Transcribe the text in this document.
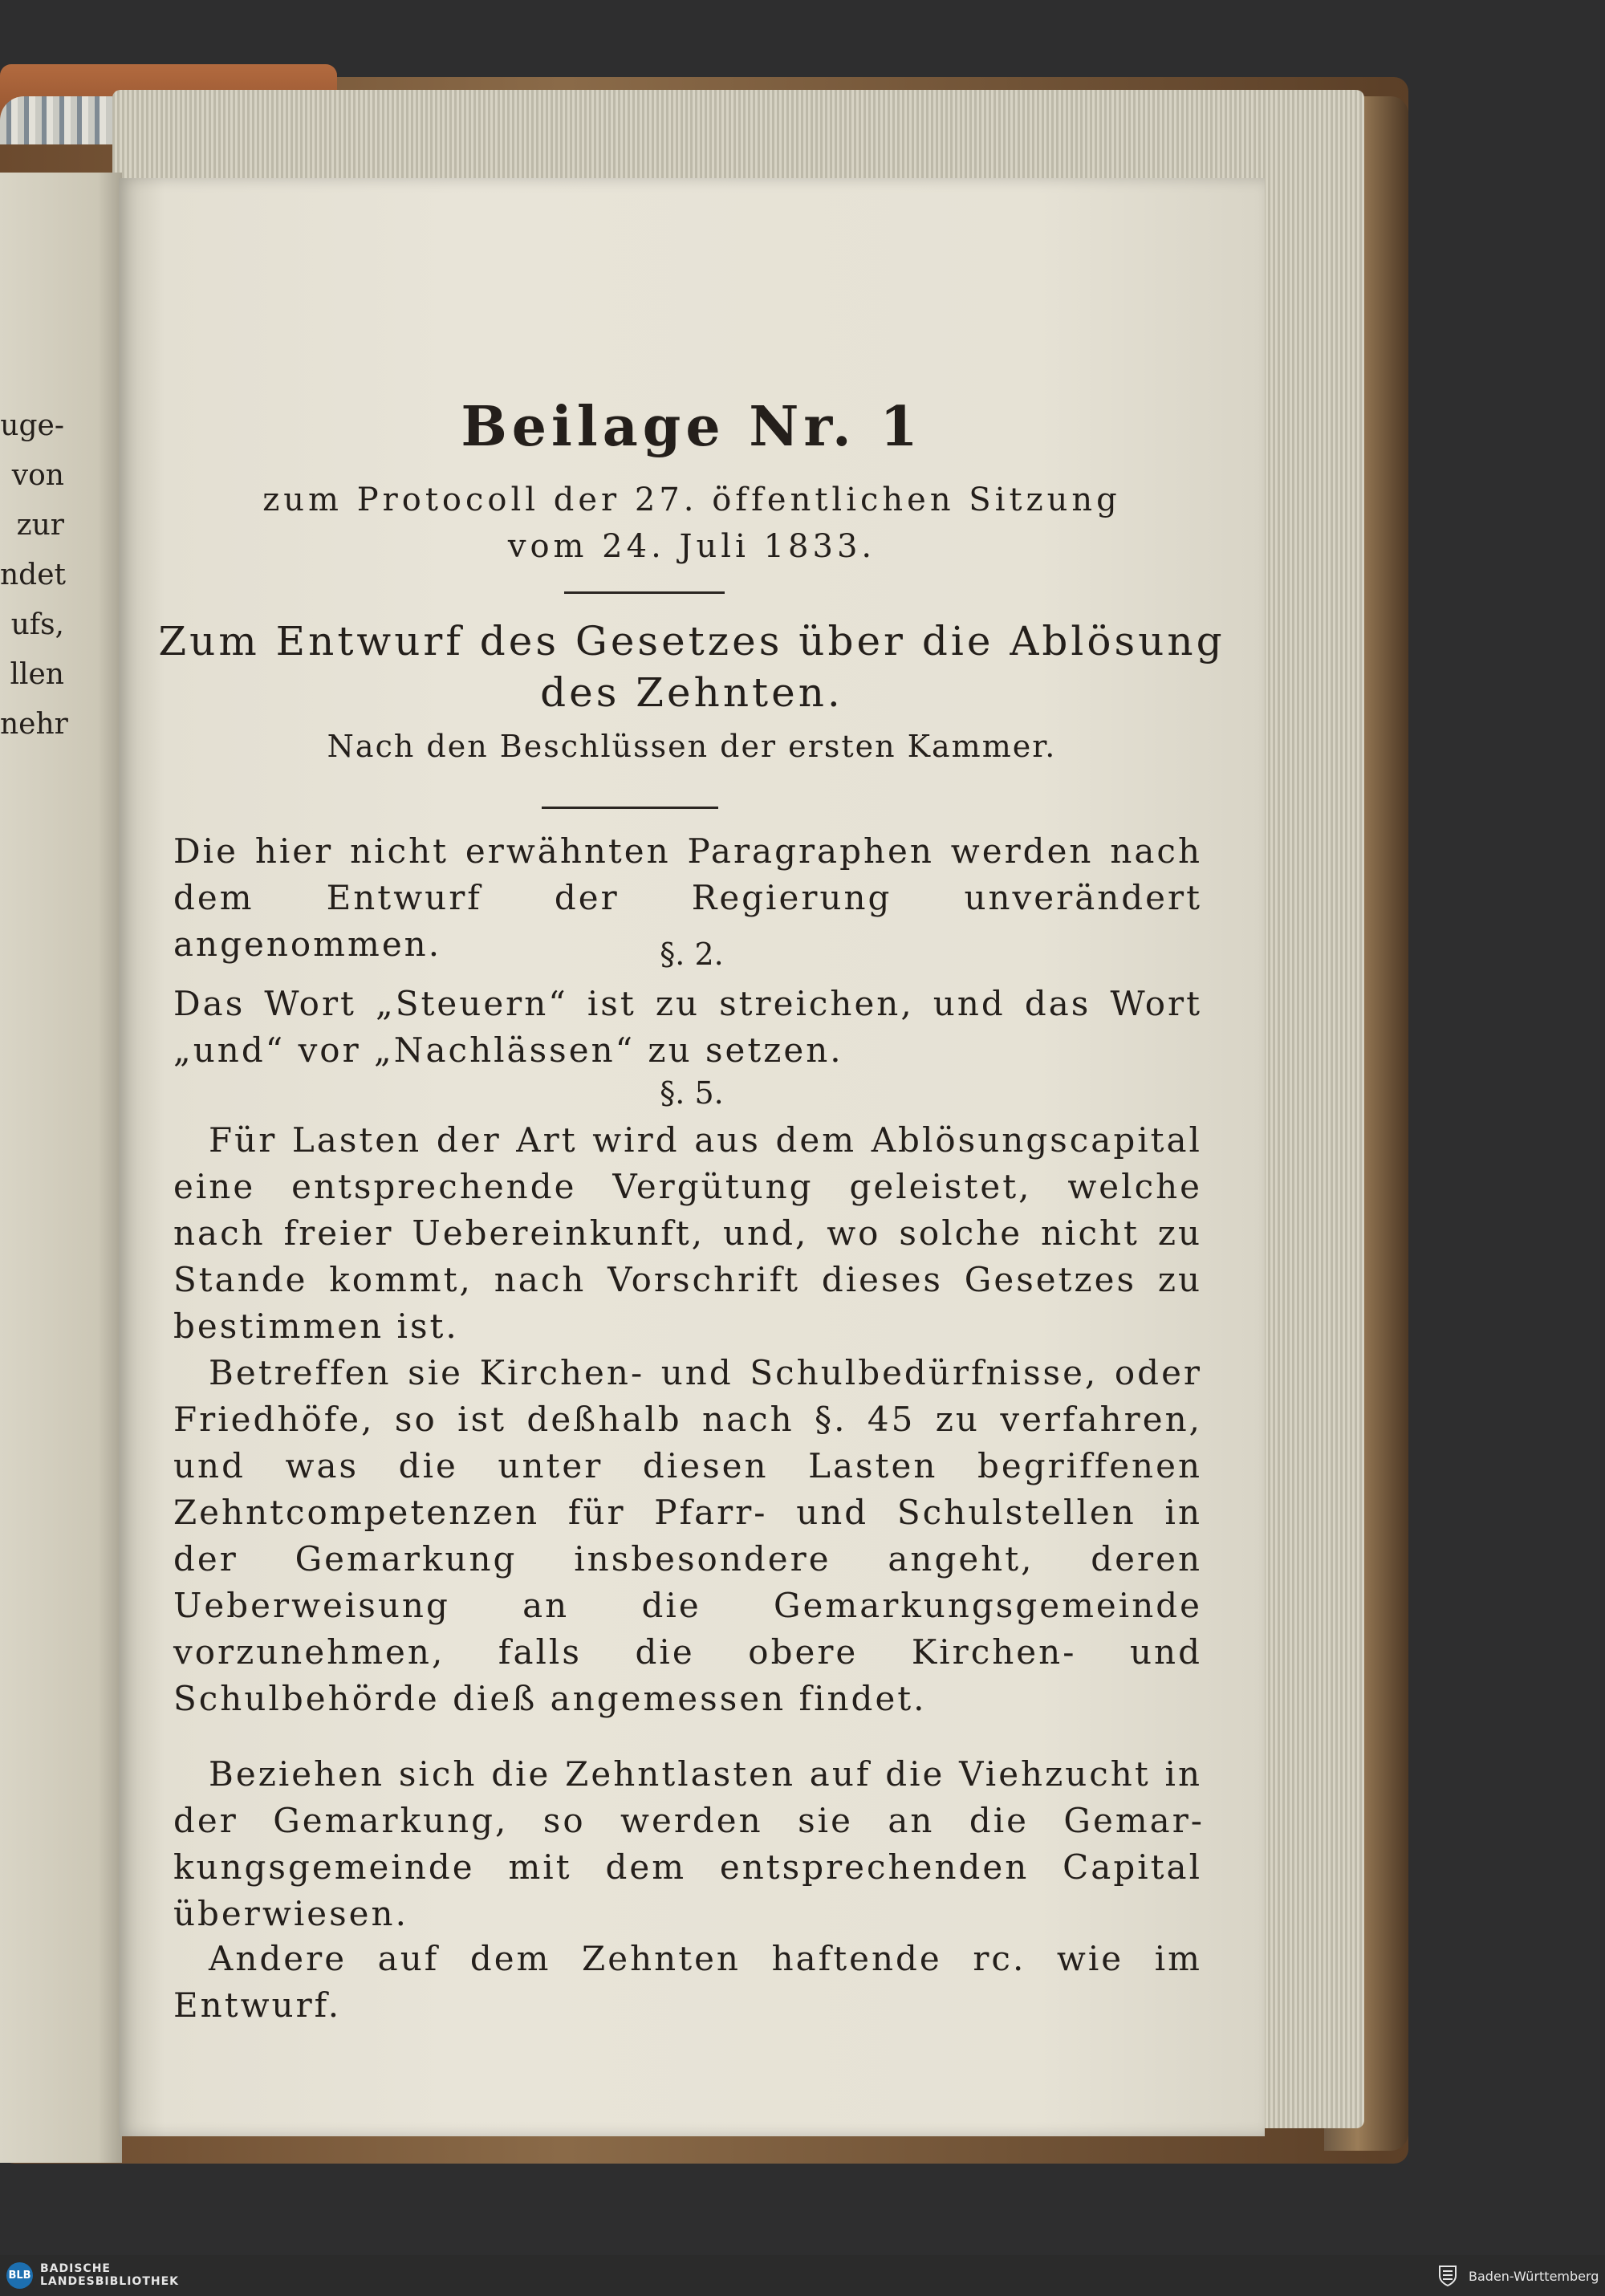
uge-
von
zur
ndet
ufs,
llen
nehr
Beilage Nr. 1
zum Protocoll der 27. öffentlichen Sitzung
vom 24. Juli 1833.
Zum Entwurf des Gesetzes über die Ablösung
des Zehnten.
Nach den Beschlüssen der ersten Kammer.
Die hier nicht erwähnten Paragraphen werden nach dem Entwurf der Regierung unverändert angenommen.	§. 2.
Das Wort „Steuern“ ist zu streichen, und das Wort „und“ vor „Nachlässen“ zu setzen.
§. 5.
Für Lasten der Art wird aus dem Ablösungscapital eine entsprechende Vergütung geleistet, welche nach freier Uebereinkunft, und, wo solche nicht zu Stande kommt, nach Vorschrift dieses Gesetzes zu bestimmen ist.
Betreffen sie Kirchen- und Schulbedürfnisse, oder Friedhöfe, so ist deßhalb nach §. 45 zu verfahren, und was die unter diesen Lasten begriffenen Zehntcompetenzen für Pfarr- und Schulstellen in der Gemarkung insbesondere angeht, deren Ueberweisung an die Gemarkungsgemeinde vorzunehmen, falls die obere Kirchen- und Schulbehörde dieß angemessen findet.
Beziehen sich die Zehntlasten auf die Viehzucht in der Gemarkung, so werden sie an die Gemarkungsgemeinde mit dem entsprechenden Capital überwiesen.
Andere auf dem Zehnten haftende rc. wie im Entwurf.
BLB
BADISCHE
LANDESBIBLIOTHEK	Baden-Württemberg
